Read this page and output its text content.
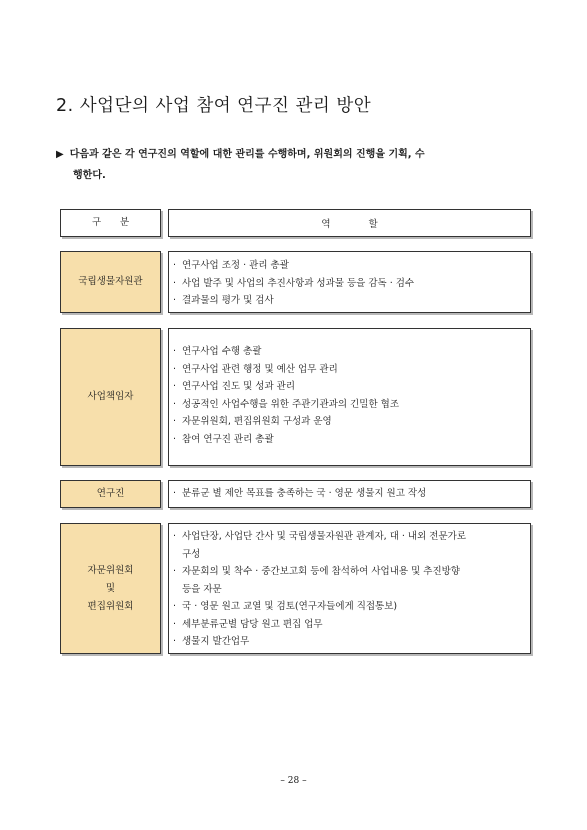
2. 사업단의 사업 참여 연구진 관리 방안
▶ 다음과 같은 각 연구진의 역할에 대한 관리를 수행하며, 위원회의 진행을 기획, 수
행한다.
구　　분	역　　　　할
국립생물자원관
· 연구사업 조정 · 관리 총괄
· 사업 발주 및 사업의 추진사항과 성과물 등을 감독 · 검수
· 결과물의 평가 및 검사
사업책임자
· 연구사업 수행 총괄
· 연구사업 관련 행정 및 예산 업무 관리
· 연구사업 진도 및 성과 관리
· 성공적인 사업수행을 위한 주관기관과의 긴밀한 협조
· 자문위원회, 편집위원회 구성과 운영
· 참여 연구진 관리 총괄
연구진	· 분류군 별 제안 목표를 충족하는 국 · 영문 생물지 원고 작성
자문위원회
및
편집위원회
· 사업단장, 사업단 간사 및 국립생물자원관 관계자, 대 · 내외 전문가로
구성
· 자문회의 및 착수 · 중간보고회 등에 참석하여 사업내용 및 추진방향
등을 자문
· 국 · 영문 원고 교열 및 검토(연구자들에게 직접통보)
· 세부분류군별 담당 원고 편집 업무
· 생물지 발간업무
– 28 –
